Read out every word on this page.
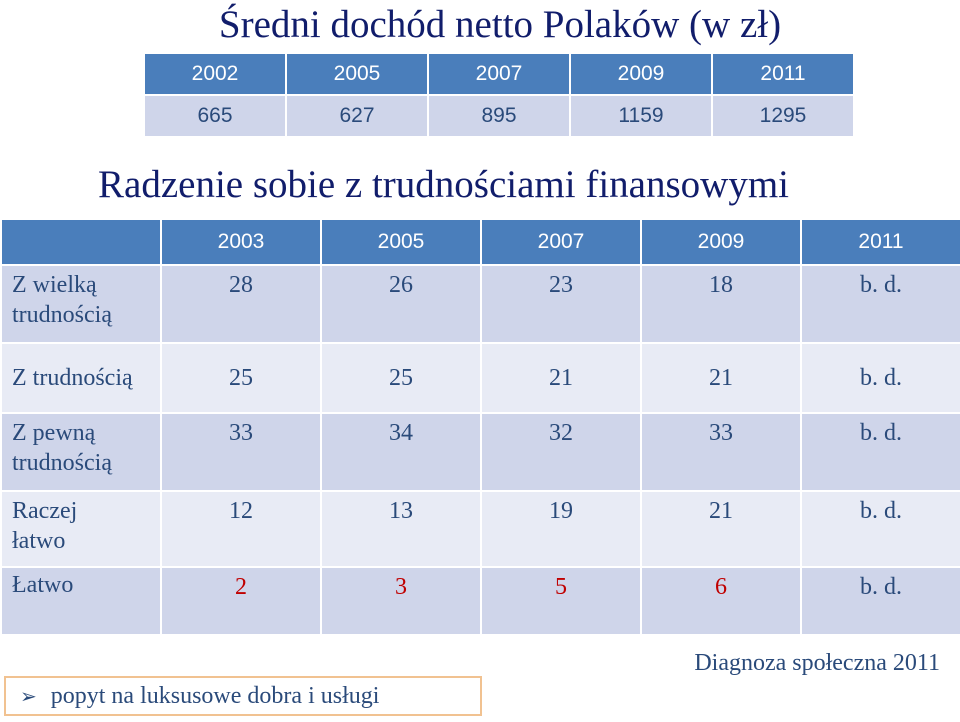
Średni dochód netto Polaków (w zł)
2002	2005	2007	2009	2011
665	627	895	1159	1295
Radzenie sobie z trudnościami finansowymi
	2003	2005	2007	2009	2011
Z wielką
trudnością	28	26	23	18	b. d.
Z trudnością	25	25	21	21	b. d.
Z pewną
trudnością	33	34	32	33	b. d.
Raczej
łatwo	12	13	19	21	b. d.
Łatwo	2	3	5	6	b. d.
Diagnoza społeczna 2011
➢ popyt na luksusowe dobra i usługi
